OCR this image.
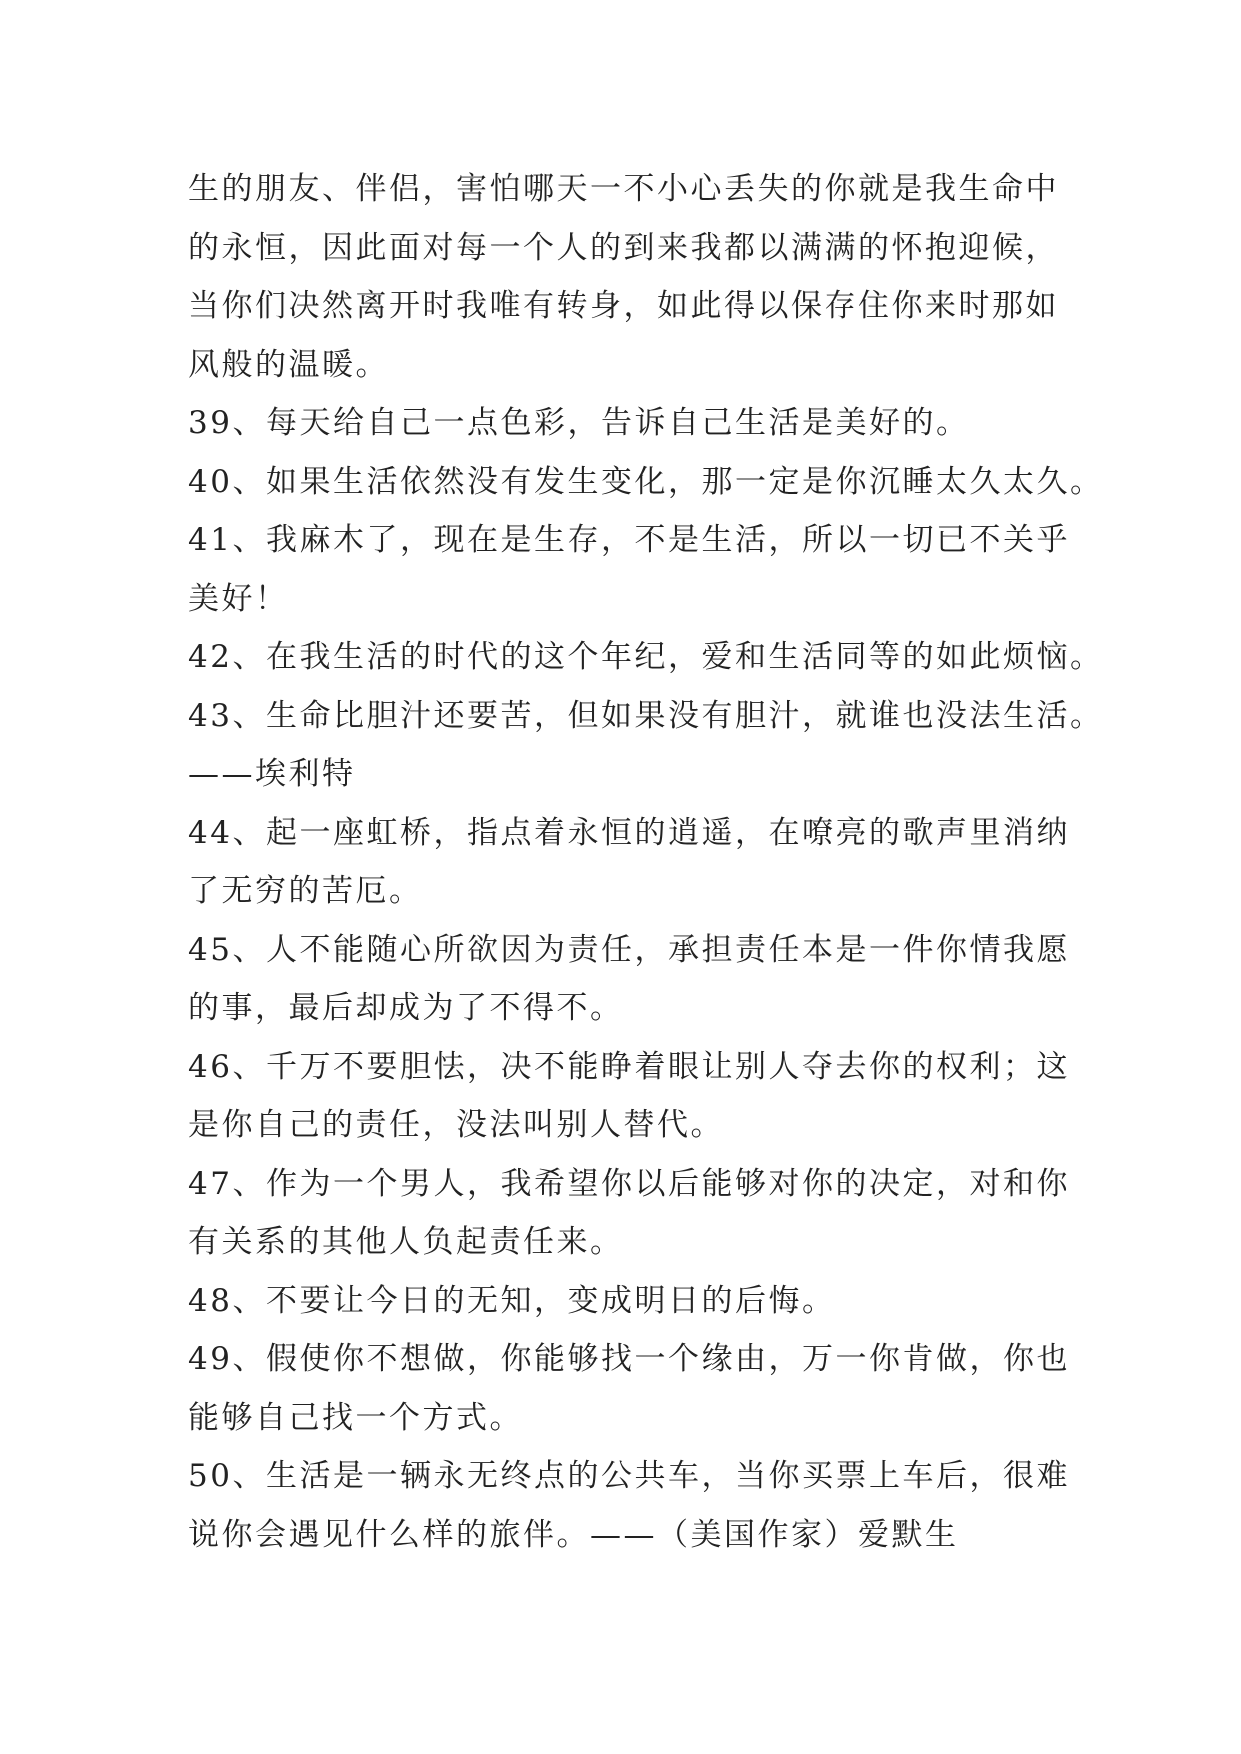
生的朋友、伴侣，害怕哪天一不小心丢失的你就是我生命中
的永恒，因此面对每一个人的到来我都以满满的怀抱迎候，
当你们决然离开时我唯有转身，如此得以保存住你来时那如
风般的温暖。
39、每天给自己一点色彩，告诉自己生活是美好的。
40、如果生活依然没有发生变化，那一定是你沉睡太久太久。
41、我麻木了，现在是生存，不是生活，所以一切已不关乎
美好！
42、在我生活的时代的这个年纪，爱和生活同等的如此烦恼。
43、生命比胆汁还要苦，但如果没有胆汁，就谁也没法生活。
——埃利特
44、起一座虹桥，指点着永恒的逍遥，在嘹亮的歌声里消纳
了无穷的苦厄。
45、人不能随心所欲因为责任，承担责任本是一件你情我愿
的事，最后却成为了不得不。
46、千万不要胆怯，决不能睁着眼让别人夺去你的权利；这
是你自己的责任，没法叫别人替代。
47、作为一个男人，我希望你以后能够对你的决定，对和你
有关系的其他人负起责任来。
48、不要让今日的无知，变成明日的后悔。
49、假使你不想做，你能够找一个缘由，万一你肯做，你也
能够自己找一个方式。
50、生活是一辆永无终点的公共车，当你买票上车后，很难
说你会遇见什么样的旅伴。——（美国作家）爱默生
